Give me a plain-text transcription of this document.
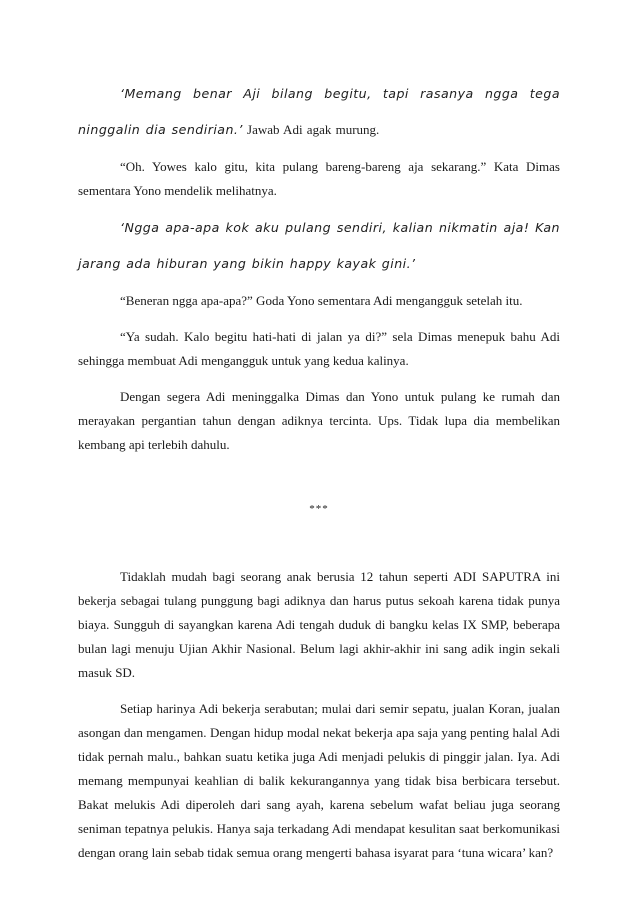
‘Memang benar Aji bilang begitu, tapi rasanya ngga tega ninggalin dia sendirian.’ Jawab Adi agak murung.

“Oh. Yowes kalo gitu, kita pulang bareng-bareng aja sekarang.” Kata Dimas sementara Yono mendelik melihatnya.

‘Ngga apa-apa kok aku pulang sendiri, kalian nikmatin aja! Kan jarang ada hiburan yang bikin happy kayak gini.’

“Beneran ngga apa-apa?” Goda Yono sementara Adi mengangguk setelah itu.

“Ya sudah. Kalo begitu hati-hati di jalan ya di?” sela Dimas menepuk bahu Adi sehingga membuat Adi mengangguk untuk yang kedua kalinya.

Dengan segera Adi meninggalka Dimas dan Yono untuk pulang ke rumah dan merayakan pergantian tahun dengan adiknya tercinta. Ups. Tidak lupa dia membelikan kembang api terlebih dahulu.

***

Tidaklah mudah bagi seorang anak berusia 12 tahun seperti ADI SAPUTRA ini bekerja sebagai tulang punggung bagi adiknya dan harus putus sekoah karena tidak punya biaya. Sungguh di sayangkan karena Adi tengah duduk di bangku kelas IX SMP, beberapa bulan lagi menuju Ujian Akhir Nasional. Belum lagi akhir-akhir ini sang adik ingin sekali masuk SD.

Setiap harinya Adi bekerja serabutan; mulai dari semir sepatu, jualan Koran, jualan asongan dan mengamen. Dengan hidup modal nekat bekerja apa saja yang penting halal Adi tidak pernah malu., bahkan suatu ketika juga Adi menjadi pelukis di pinggir jalan. Iya. Adi memang mempunyai keahlian di balik kekurangannya yang tidak bisa berbicara tersebut. Bakat melukis Adi diperoleh dari sang ayah, karena sebelum wafat beliau juga seorang seniman tepatnya pelukis. Hanya saja terkadang Adi mendapat kesulitan saat berkomunikasi dengan orang lain sebab tidak semua orang mengerti bahasa isyarat para ‘tuna wicara’ kan?
